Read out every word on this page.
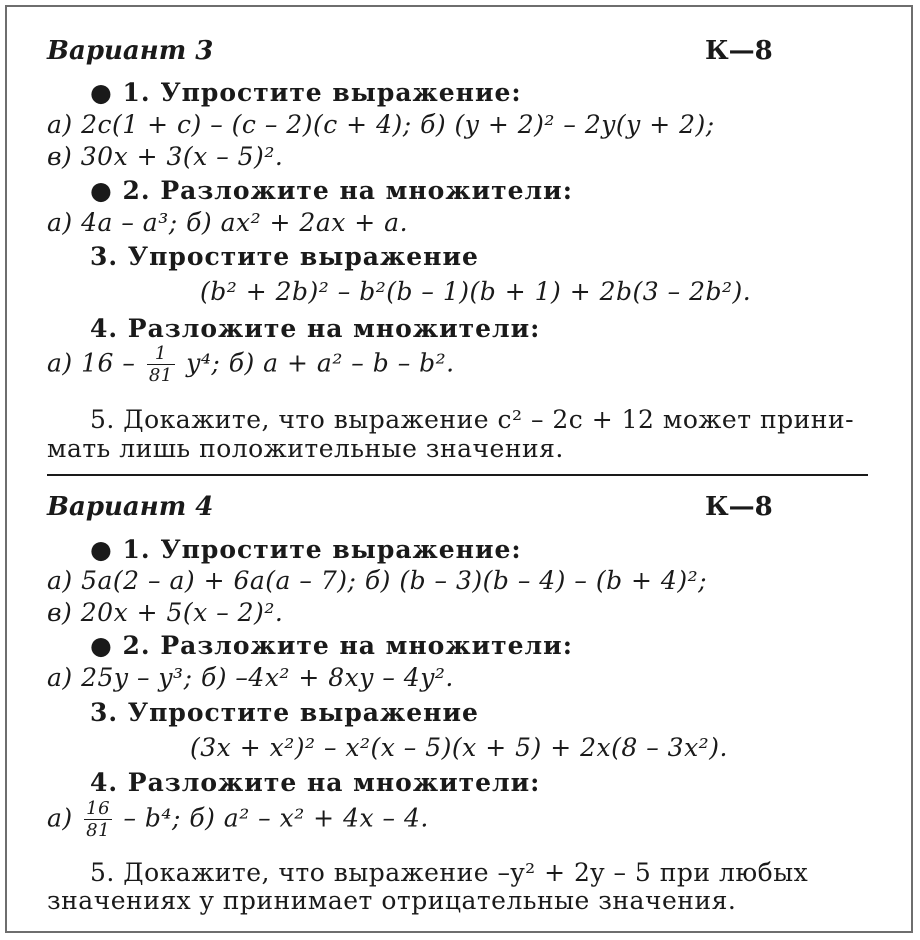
Вариант 3	К—8
● 1. Упростите выражение:
а) 2c(1 + c) – (c – 2)(c + 4); б) (y + 2)² – 2y(y + 2);
в) 30x + 3(x – 5)².
● 2. Разложите на множители:
а) 4a – a³; б) ax² + 2ax + a.
3. Упростите выражение
(b² + 2b)² – b²(b – 1)(b + 1) + 2b(3 – 2b²).
4. Разложите на множители:
а) $16 - \frac{1}{81} y^4$; б) a + a² – b – b².
5. Докажите, что выражение c² – 2c + 12 может прини-
мать лишь положительные значения.
Вариант 4	К—8
● 1. Упростите выражение:
а) 5a(2 – a) + 6a(a – 7); б) (b – 3)(b – 4) – (b + 4)²;
в) 20x + 5(x – 2)².
● 2. Разложите на множители:
а) 25y – y³; б) –4x² + 8xy – 4y².
3. Упростите выражение
(3x + x²)² – x²(x – 5)(x + 5) + 2x(8 – 3x²).
4. Разложите на множители:
$а) \frac{16}{81} - b^4$; б) a² – x² + 4x – 4.
5. Докажите, что выражение –y² + 2y – 5 при любых
значениях y принимает отрицательные значения.
